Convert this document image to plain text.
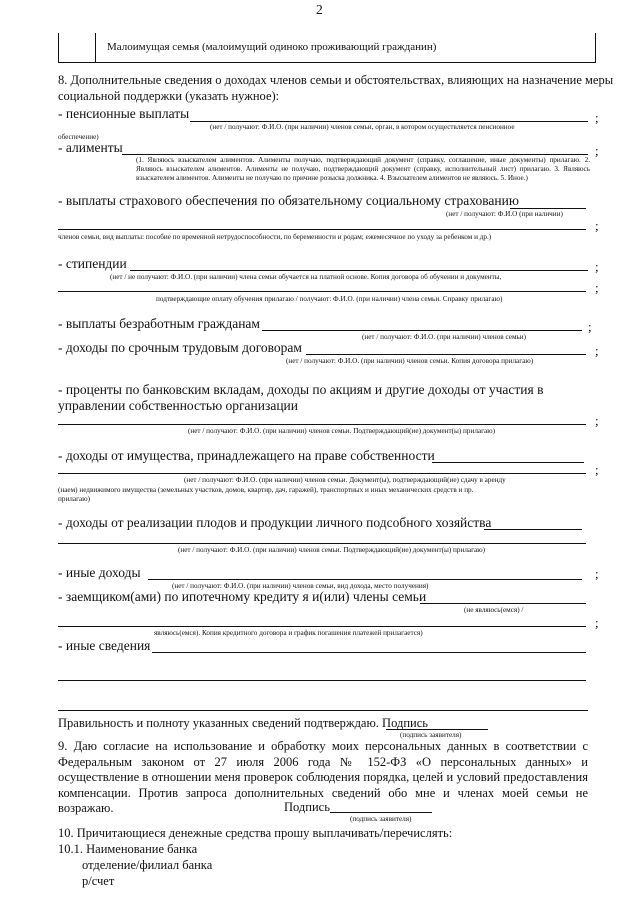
2
Малоимущая семья (малоимущий одиноко проживающий гражданин)
8. Дополнительные сведения о доходах членов семьи и обстоятельствах, влияющих на назначение меры
социальной поддержки (указать нужное):
- пенсионные выплаты	;
(нет / получают: Ф.И.О. (при наличии) членов семьи, орган, в котором осуществляется пенсионное
обеспечение)
- алименты	;
(1. Являюсь взыскателем алиментов. Алименты получаю, подтверждающий документ (справку, соглашение, иные документы) прилагаю. 2. Являюсь взыскателем алиментов. Алименты не получаю, подтверждающий документ (справку, исполнительный лист) прилагаю. 3. Являюсь взыскателем алиментов. Алименты не получаю по причине розыска должника. 4. Взыскателем алиментов не являюсь. 5. Иное.)
- выплаты страхового обеспечения по обязательному социальному страхованию
(нет / получают: Ф.И.О (при наличии)
;
членов семьи, вид выплаты: пособие по временной нетрудоспособности, по беременности и родам; ежемесячное по уходу за ребенком и др.)
- стипендии	;
(нет / не получают: Ф.И.О. (при наличии) члена семьи обучается на платной основе. Копия договора об обучении и документы,
;
подтверждающие оплату обучения прилагаю / получают: Ф.И.О. (при наличии) члена семьи. Справку прилагаю)
- выплаты безработным гражданам	;
(нет / получают: Ф.И.О. (при наличии) членов семьи)
- доходы по срочным трудовым договорам	;
(нет / получают: Ф.И.О. (при наличии) членов семьи. Копия договора прилагаю)
- проценты по банковским вкладам, доходы по акциям и другие доходы от участия в
управлении собственностью организации
;
(нет / получают: Ф.И.О. (при наличии) членов семьи. Подтверждающий(ие) документ(ы) прилагаю)
- доходы от имущества, принадлежащего на праве собственности
;
(нет / получают: Ф.И.О. (при наличии) членов семьи. Документ(ы), подтверждающий(ие) сдачу в аренду
(наем) недвижимого имущества (земельных участков, домов, квартир, дач, гаражей), транспортных и иных механических средств и пр.
прилагаю)
- доходы от реализации плодов и продукции личного подсобного хозяйства
(нет / получают: Ф.И.О. (при наличии) членов семьи. Подтверждающий(ие) документ(ы) прилагаю)
- иные доходы	;
(нет / получают: Ф.И.О. (при наличии) членов семьи, вид дохода, место получения)
- заемщиком(ами) по ипотечному кредиту я и(или) члены семьи
(не являюсь(емся) /
;
являюсь(емся). Копия кредитного договора и график погашения платежей прилагается)
- иные сведения
Правильность и полноту указанных сведений подтверждаю. Подпись
(подпись заявителя)
9. Даю согласие на использование и обработку моих персональных данных в соответствии с Федеральным законом от 27 июля 2006 года № 152-ФЗ «О персональных данных» и осуществление в отношении меня проверок соблюдения порядка, целей и условий предоставления компенсации. Против запроса дополнительных сведений обо мне и членах моей семьи не возражаю.	Подпись
(подпись заявителя)
10. Причитающиеся денежные средства прошу выплачивать/перечислять:
10.1. Наименование банка
отделение/филиал банка
р/счет
